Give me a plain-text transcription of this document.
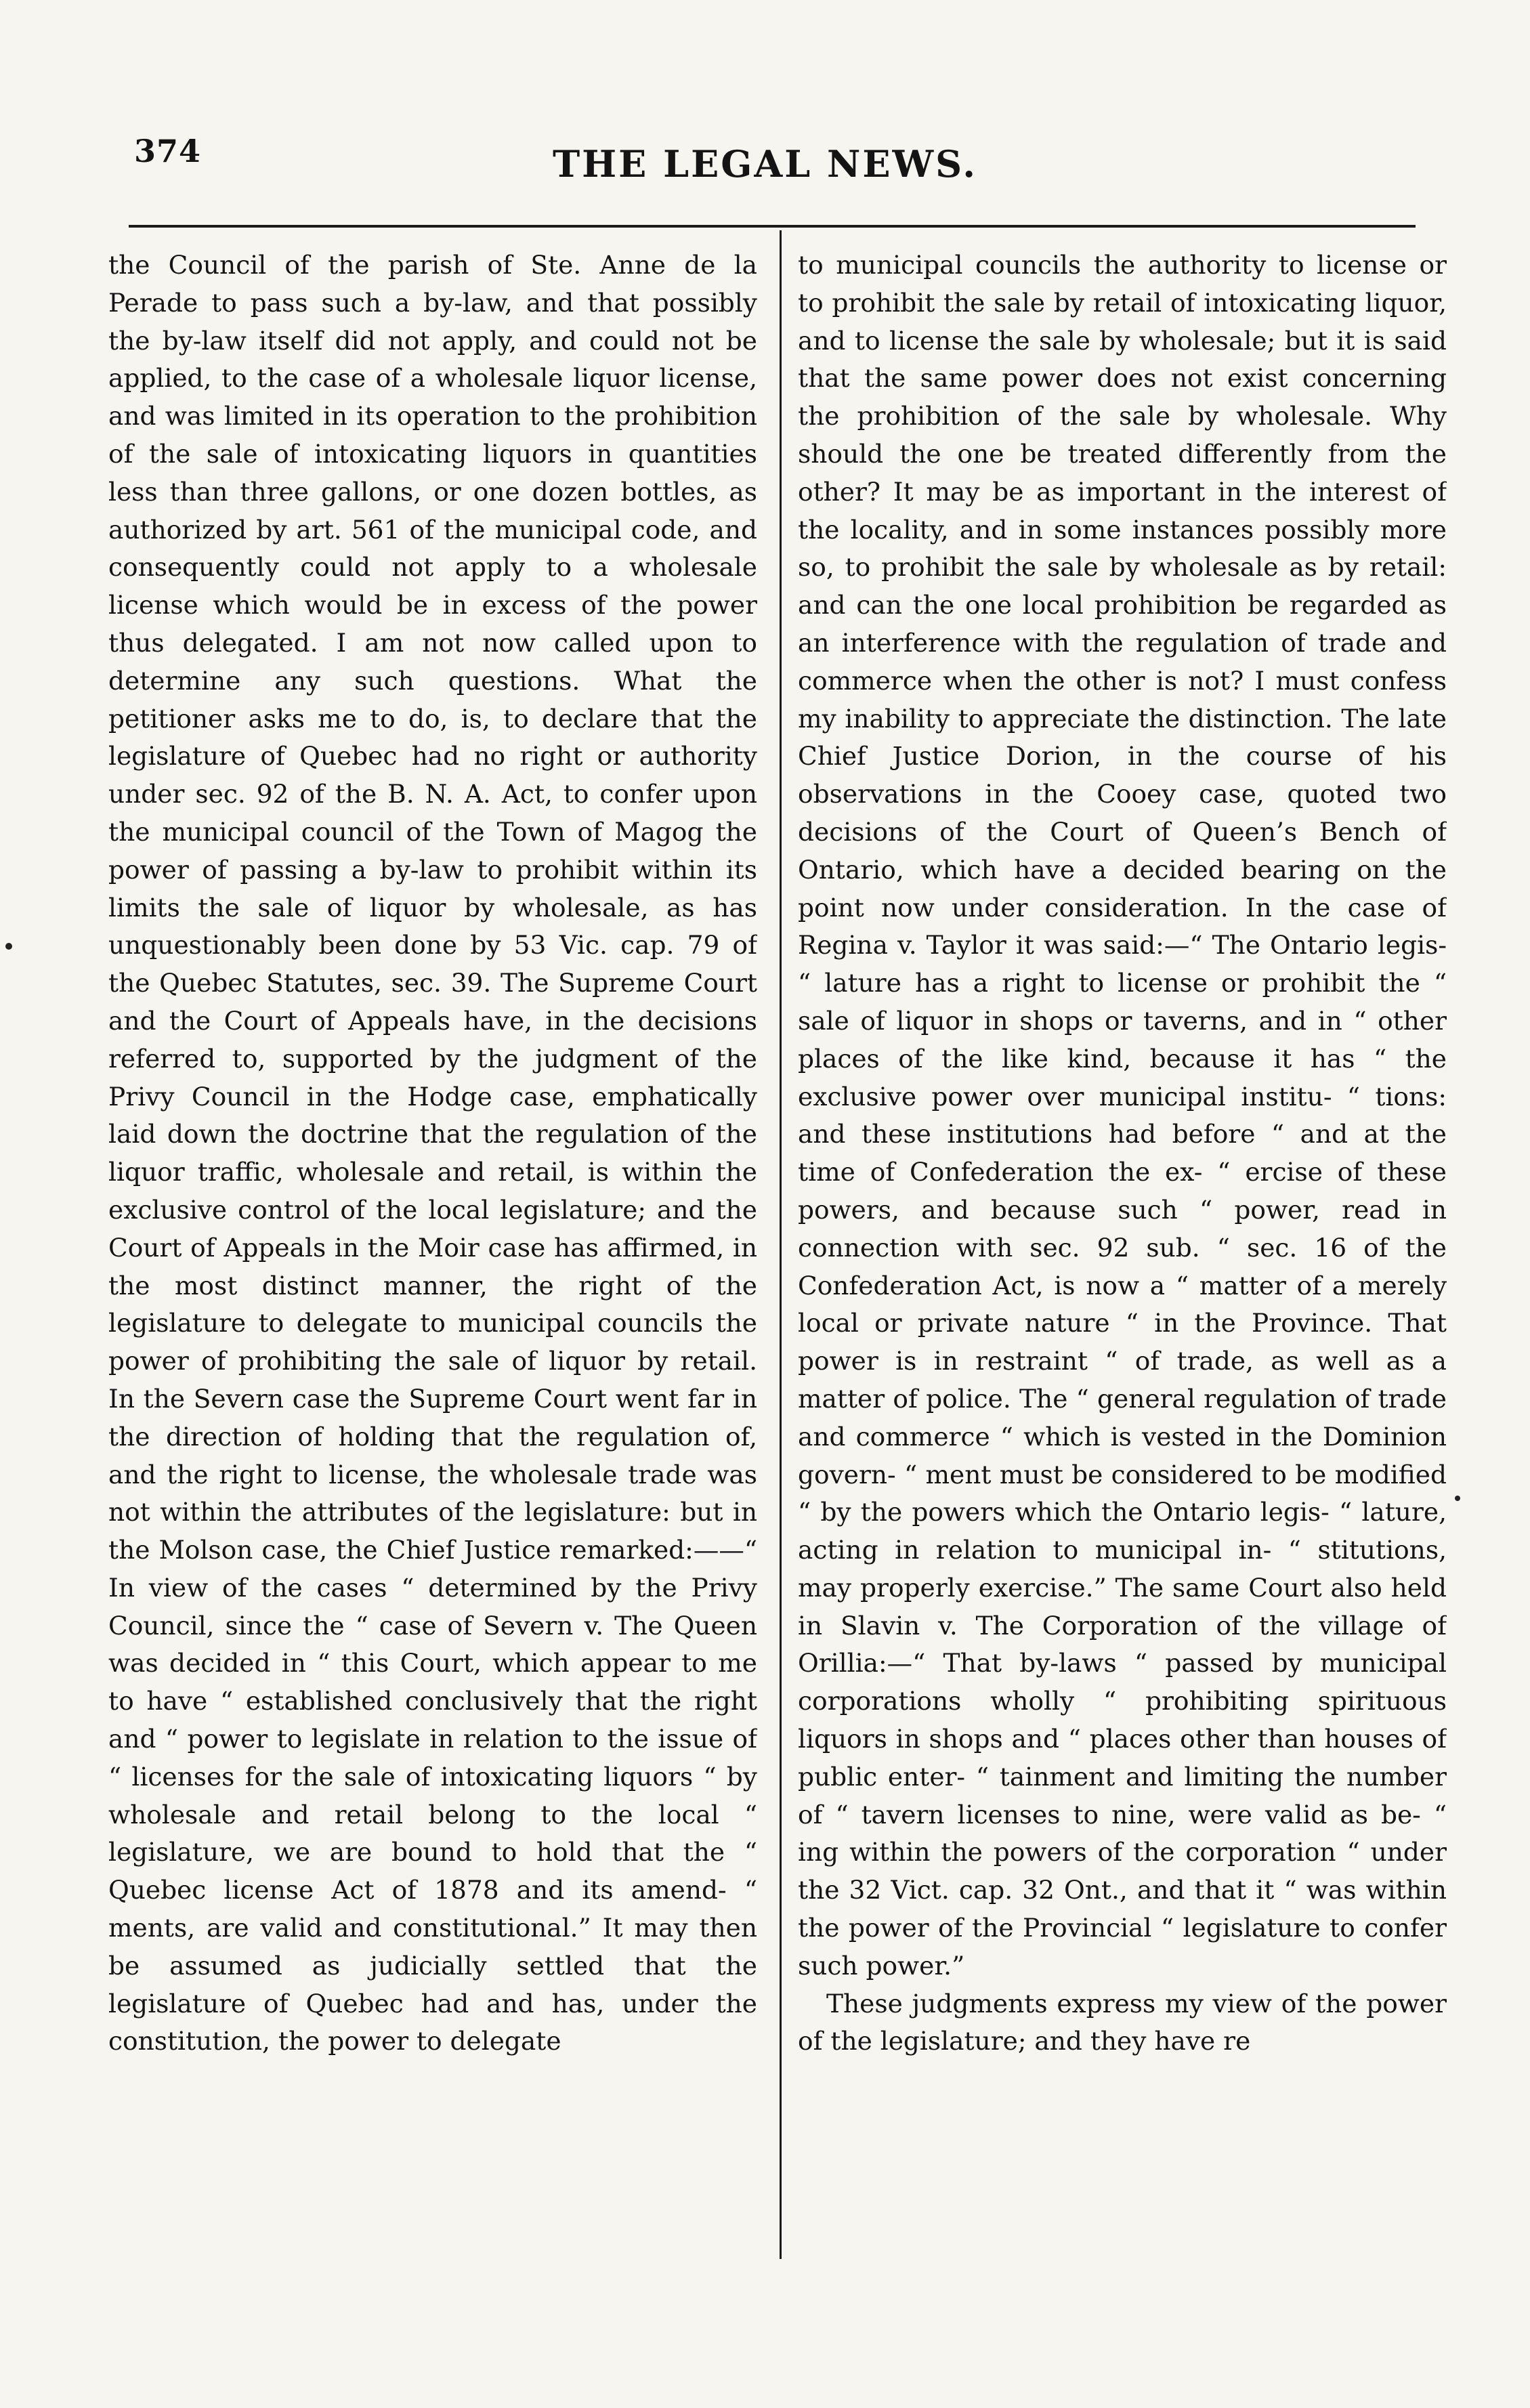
374	THE LEGAL NEWS.

the Council of the parish of Ste. Anne de la Perade to pass such a by-law, and that possibly the by-law itself did not apply, and could not be applied, to the case of a wholesale liquor license, and was limited in its operation to the prohibition of the sale of intoxicating liquors in quantities less than three gallons, or one dozen bottles, as authorized by art. 561 of the municipal code, and consequently could not apply to a wholesale license which would be in excess of the power thus delegated. I am not now called upon to determine any such questions. What the petitioner asks me to do, is, to declare that the legislature of Quebec had no right or authority under sec. 92 of the B. N. A. Act, to confer upon the municipal council of the Town of Magog the power of passing a by-law to prohibit within its limits the sale of liquor by wholesale, as has unquestionably been done by 53 Vic. cap. 79 of the Quebec Statutes, sec. 39. The Supreme Court and the Court of Appeals have, in the decisions referred to, supported by the judgment of the Privy Council in the Hodge case, emphatically laid down the doctrine that the regulation of the liquor traffic, wholesale and retail, is within the exclusive control of the local legislature; and the Court of Appeals in the Moir case has affirmed, in the most distinct manner, the right of the legislature to delegate to municipal councils the power of prohibiting the sale of liquor by retail. In the Severn case the Supreme Court went far in the direction of holding that the regulation of, and the right to license, the wholesale trade was not within the attributes of the legislature: but in the Molson case, the Chief Justice remarked:——“ In view of the cases “ determined by the Privy Council, since the “ case of Severn v. The Queen was decided in “ this Court, which appear to me to have “ established conclusively that the right and “ power to legislate in relation to the issue of “ licenses for the sale of intoxicating liquors “ by wholesale and retail belong to the local “ legislature, we are bound to hold that the “ Quebec license Act of 1878 and its amend- “ ments, are valid and constitutional.” It may then be assumed as judicially settled that the legislature of Quebec had and has, under the constitution, the power to delegate

to municipal councils the authority to license or to prohibit the sale by retail of intoxicating liquor, and to license the sale by wholesale; but it is said that the same power does not exist concerning the prohibition of the sale by wholesale. Why should the one be treated differently from the other? It may be as important in the interest of the locality, and in some instances possibly more so, to prohibit the sale by wholesale as by retail: and can the one local prohibition be regarded as an interference with the regulation of trade and commerce when the other is not? I must confess my inability to appreciate the distinction. The late Chief Justice Dorion, in the course of his observations in the Cooey case, quoted two decisions of the Court of Queen’s Bench of Ontario, which have a decided bearing on the point now under consideration. In the case of Regina v. Taylor it was said:—“ The Ontario legis- “ lature has a right to license or prohibit the “ sale of liquor in shops or taverns, and in “ other places of the like kind, because it has “ the exclusive power over municipal institu- “ tions: and these institutions had before “ and at the time of Confederation the ex- “ ercise of these powers, and because such “ power, read in connection with sec. 92 sub. “ sec. 16 of the Confederation Act, is now a “ matter of a merely local or private nature “ in the Province. That power is in restraint “ of trade, as well as a matter of police. The “ general regulation of trade and commerce “ which is vested in the Dominion govern- “ ment must be considered to be modified “ by the powers which the Ontario legis- “ lature, acting in relation to municipal in- “ stitutions, may properly exercise.” The same Court also held in Slavin v. The Corporation of the village of Orillia:—“ That by-laws “ passed by municipal corporations wholly “ prohibiting spirituous liquors in shops and “ places other than houses of public enter- “ tainment and limiting the number of “ tavern licenses to nine, were valid as be- “ ing within the powers of the corporation “ under the 32 Vict. cap. 32 Ont., and that it “ was within the power of the Provincial “ legislature to confer such power.”

These judgments express my view of the power of the legislature; and they have re
